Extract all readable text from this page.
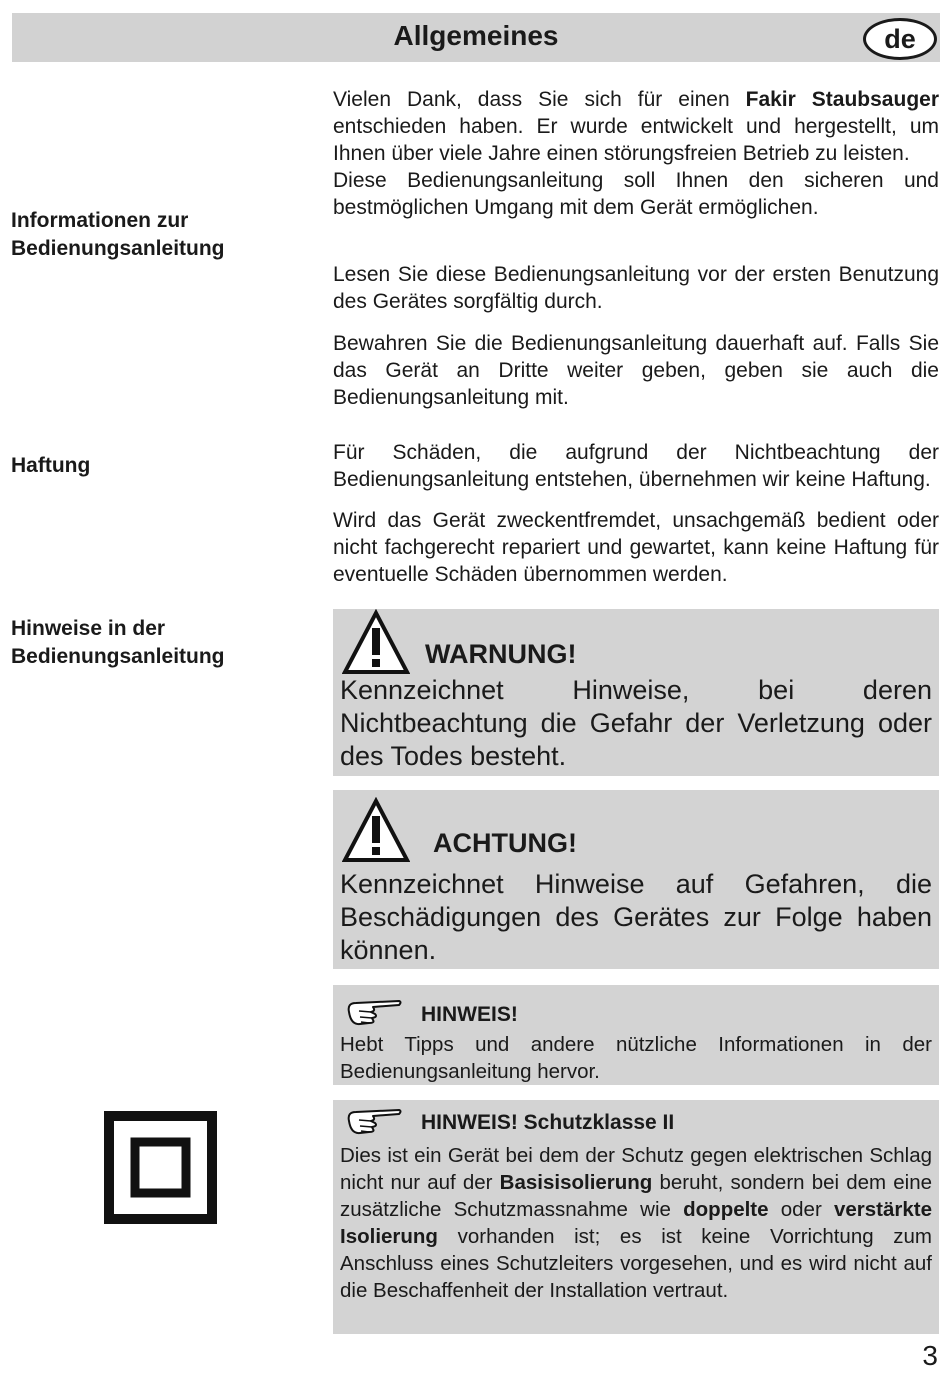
Allgemeines	de

Vielen Dank, dass Sie sich für einen Fakir Staubsauger entschieden haben. Er wurde entwickelt und hergestellt, um Ihnen über viele Jahre einen störungsfreien Betrieb zu leisten.
Diese Bedienungsanleitung soll Ihnen den sicheren und bestmöglichen Umgang mit dem Gerät ermöglichen.

Informationen zur
Bedienungsanleitung

Lesen Sie diese Bedienungsanleitung vor der ersten Benutzung des Gerätes sorgfältig durch.

Bewahren Sie die Bedienungsanleitung dauerhaft auf. Falls Sie das Gerät an Dritte weiter geben, geben sie auch die Bedienungsanleitung mit.

Haftung

Für Schäden, die aufgrund der Nichtbeachtung der Bedienungsanleitung entstehen, übernehmen wir keine Haftung.

Wird das Gerät zweckentfremdet, unsachgemäß bedient oder nicht fachgerecht repariert und gewartet, kann keine Haftung für eventuelle Schäden übernommen werden.

Hinweise in der
Bedienungsanleitung	WARNUNG!

Kennzeichnet Hinweise, bei deren Nichtbeachtung die Gefahr der Verletzung oder des Todes besteht.

ACHTUNG!

Kennzeichnet Hinweise auf Gefahren, die Beschädigungen des Gerätes zur Folge haben können.

HINWEIS!

Hebt Tipps und andere nützliche Informationen in der Bedienungsanleitung hervor.

HINWEIS! Schutzklasse II

Dies ist ein Gerät bei dem der Schutz gegen elektrischen Schlag nicht nur auf der Basisisolierung beruht, sondern bei dem eine zusätzliche Schutzmassnahme wie doppelte oder verstärkte Isolierung vorhanden ist; es ist keine Vorrichtung zum Anschluss eines Schutzleiters vorgesehen, und es wird nicht auf die Beschaffenheit der Installation vertraut.

3
